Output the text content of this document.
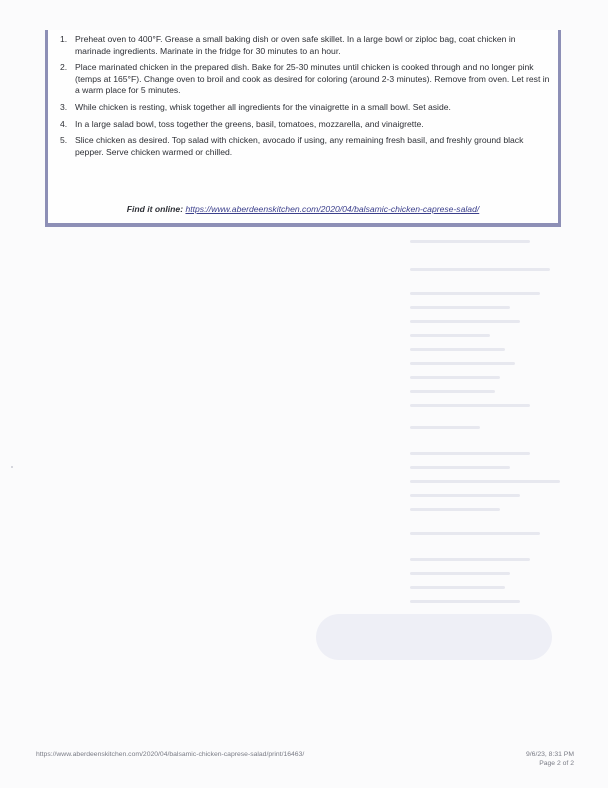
1. Preheat oven to 400°F. Grease a small baking dish or oven safe skillet. In a large bowl or ziploc bag, coat chicken in marinade ingredients. Marinate in the fridge for 30 minutes to an hour.
2. Place marinated chicken in the prepared dish. Bake for 25-30 minutes until chicken is cooked through and no longer pink (temps at 165°F). Change oven to broil and cook as desired for coloring (around 2-3 minutes). Remove from oven. Let rest in a warm place for 5 minutes.
3. While chicken is resting, whisk together all ingredients for the vinaigrette in a small bowl. Set aside.
4. In a large salad bowl, toss together the greens, basil, tomatoes, mozzarella, and vinaigrette.
5. Slice chicken as desired. Top salad with chicken, avocado if using, any remaining fresh basil, and freshly ground black pepper. Serve chicken warmed or chilled.
Find it online: https://www.aberdeenskitchen.com/2020/04/balsamic-chicken-caprese-salad/
https://www.aberdeenskitchen.com/2020/04/balsamic-chicken-caprese-salad/print/16463/	9/6/23, 8:31 PM
Page 2 of 2
